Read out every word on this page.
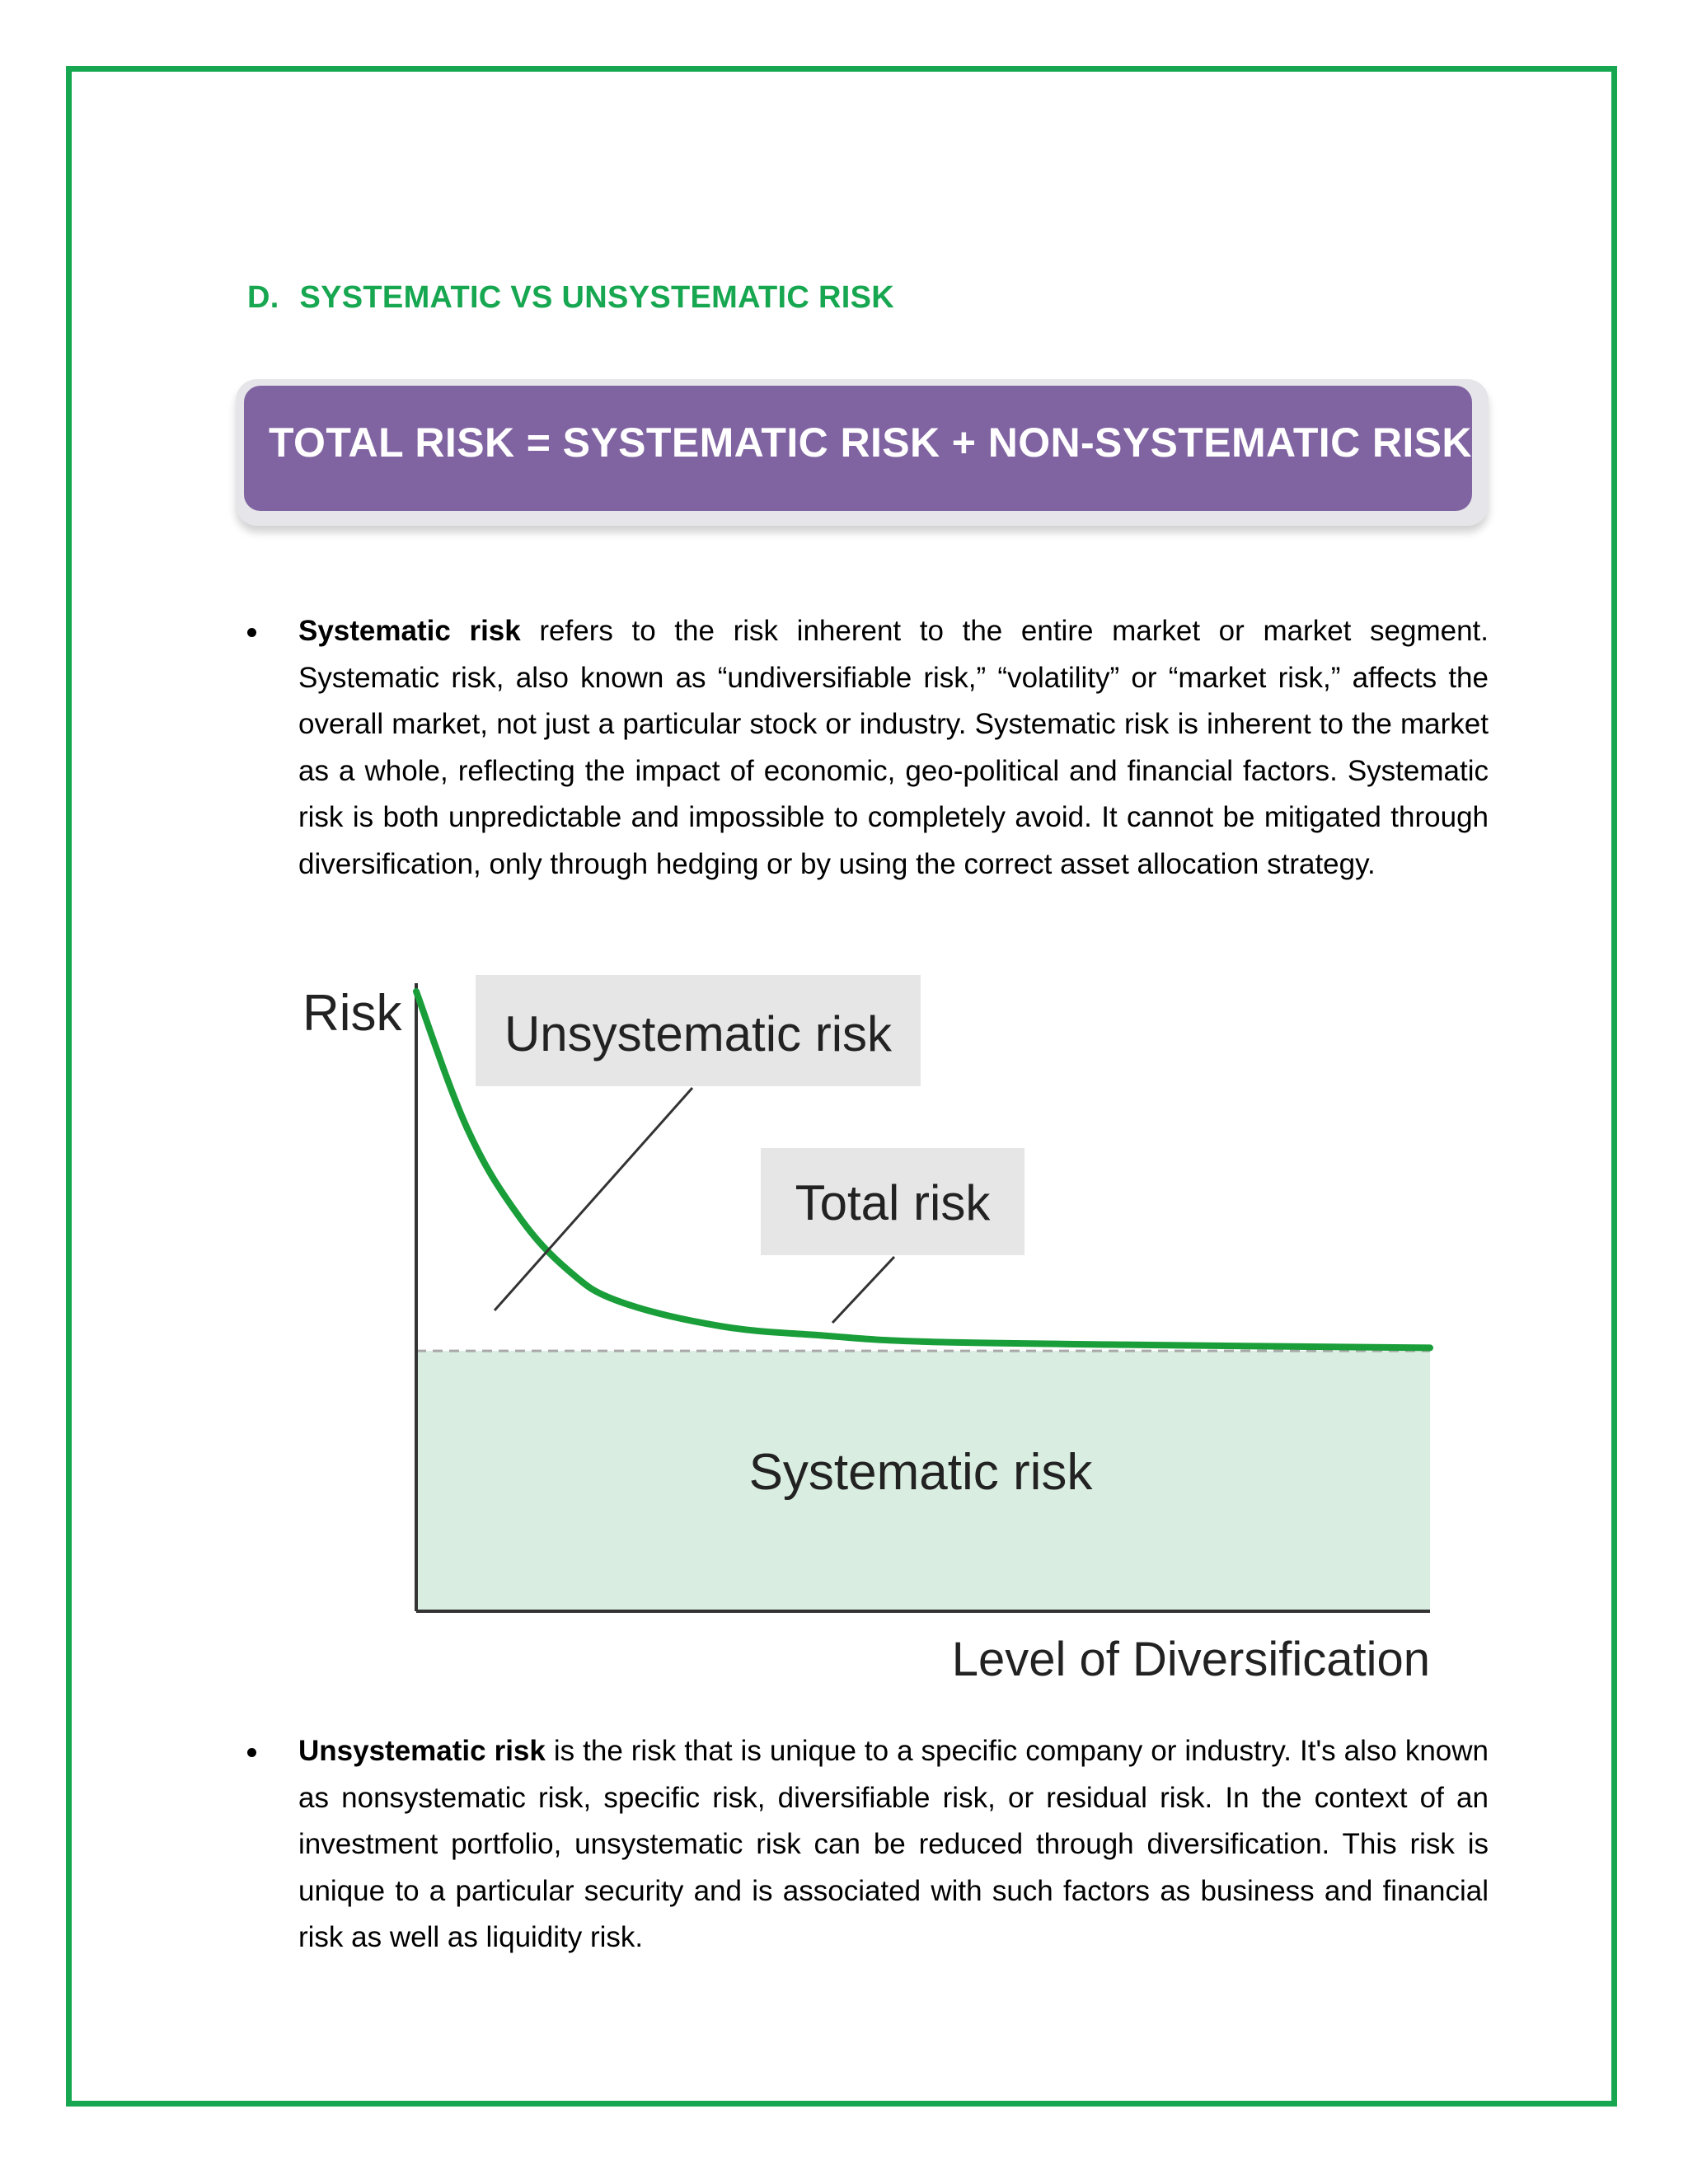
D. SYSTEMATIC VS UNSYSTEMATIC RISK
TOTAL RISK = SYSTEMATIC RISK + NON-SYSTEMATIC RISK
Systematic risk refers to the risk inherent to the entire market or market segment. Systematic risk, also known as “undiversifiable risk,” “volatility” or “market risk,” affects the overall market, not just a particular stock or industry. Systematic risk is inherent to the market as a whole, reflecting the impact of economic, geo-political and financial factors. Systematic risk is both unpredictable and impossible to completely avoid. It cannot be mitigated through diversification, only through hedging or by using the correct asset allocation strategy.
Risk
Level of Diversification
Unsystematic risk
Total risk
Systematic risk
Unsystematic risk is the risk that is unique to a specific company or industry. It's also known as nonsystematic risk, specific risk, diversifiable risk, or residual risk. In the context of an investment portfolio, unsystematic risk can be reduced through diversification. This risk is unique to a particular security and is associated with such factors as business and financial risk as well as liquidity risk.
